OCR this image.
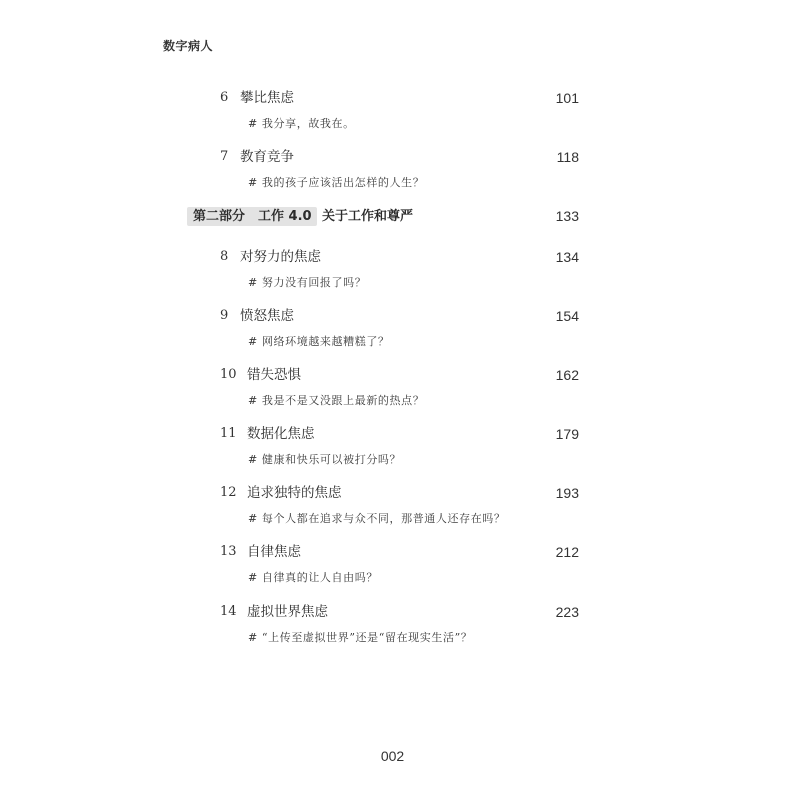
数字病人
6 攀比焦虑	101
# 我分享，故我在。
7 教育竞争	118
# 我的孩子应该活出怎样的人生？
第二部分　工作 4.0 关于工作和尊严	133
8 对努力的焦虑	134
# 努力没有回报了吗？
9 愤怒焦虑	154
# 网络环境越来越糟糕了？
10 错失恐惧	162
# 我是不是又没跟上最新的热点？
11 数据化焦虑	179
# 健康和快乐可以被打分吗？
12 追求独特的焦虑	193
# 每个人都在追求与众不同，那普通人还存在吗？
13 自律焦虑	212
# 自律真的让人自由吗？
14 虚拟世界焦虑	223
# “上传至虚拟世界”还是“留在现实生活”？
002
